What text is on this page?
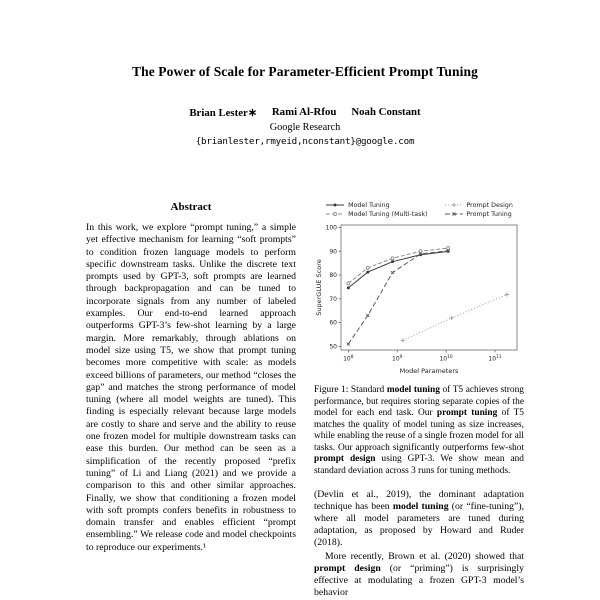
The Power of Scale for Parameter-Efficient Prompt Tuning
Brian Lester∗ Rami Al-Rfou Noah Constant
Google Research
{brianlester,rmyeid,nconstant}@google.com
Abstract

In this work, we explore “prompt tuning,” a simple yet effective mechanism for learning “soft prompts” to condition frozen language models to perform specific downstream tasks. Unlike the discrete text prompts used by GPT-3, soft prompts are learned through backpropagation and can be tuned to incorporate signals from any number of labeled examples. Our end-to-end learned approach outperforms GPT-3’s few-shot learning by a large margin. More remarkably, through ablations on model size using T5, we show that prompt tuning becomes more competitive with scale: as models exceed billions of parameters, our method “closes the gap” and matches the strong performance of model tuning (where all model weights are tuned). This finding is especially relevant because large models are costly to share and serve and the ability to reuse one frozen model for multiple downstream tasks can ease this burden. Our method can be seen as a simplification of the recently proposed “prefix tuning” of Li and Liang (2021) and we provide a comparison to this and other similar approaches. Finally, we show that conditioning a frozen model with soft prompts confers benefits in robustness to domain transfer and enables efficient “prompt ensembling.” We release code and model checkpoints to reproduce our experiments.¹

Model Tuning
Model Tuning (Multi-task)
Prompt Design
Prompt Tuning
50
60
70
80
90
100
$10^8$	$10^9$	$10^{10}$	$10^{11}$
Model Parameters
SuperGLUE Score
Figure 1: Standard model tuning of T5 achieves strong performance, but requires storing separate copies of the model for each end task. Our prompt tuning of T5 matches the quality of model tuning as size increases, while enabling the reuse of a single frozen model for all tasks. Our approach significantly outperforms few-shot prompt design using GPT-3. We show mean and standard deviation across 3 runs for tuning methods.

(Devlin et al., 2019), the dominant adaptation technique has been model tuning (or “fine-tuning”), where all model parameters are tuned during adaptation, as proposed by Howard and Ruder (2018).

More recently, Brown et al. (2020) showed that prompt design (or “priming”) is surprisingly effective at modulating a frozen GPT-3 model’s behavior
